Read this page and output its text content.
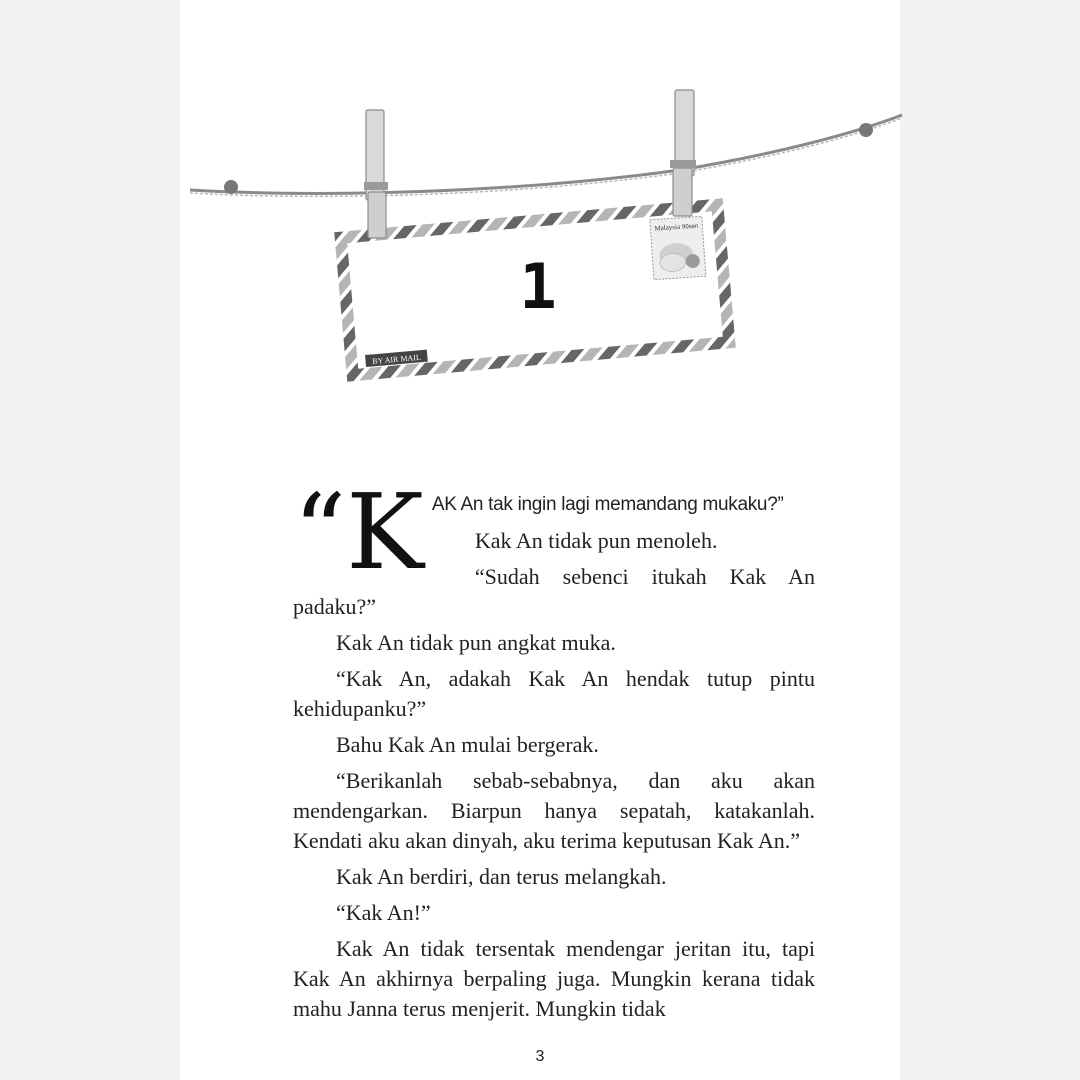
BY AIR MAIL
1
Malaysia 90sen

“K AK An tak ingin lagi memandang mukaku?”

Kak An tidak pun menoleh.

“Sudah sebenci itukah Kak An padaku?”

Kak An tidak pun angkat muka.

“Kak An, adakah Kak An hendak tutup pintu kehidupanku?”

Bahu Kak An mulai bergerak.

“Berikanlah sebab-sebabnya, dan aku akan mendengarkan. Biarpun hanya sepatah, katakanlah. Kendati aku akan dinyah, aku terima keputusan Kak An.”

Kak An berdiri, dan terus melangkah.

“Kak An!”

Kak An tidak tersentak mendengar jeritan itu, tapi Kak An akhirnya berpaling juga. Mungkin kerana tidak mahu Janna terus menjerit. Mungkin tidak

3
